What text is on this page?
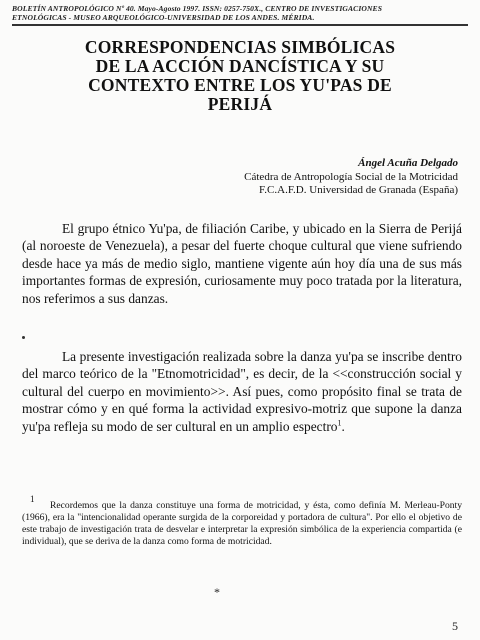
BOLETÍN ANTROPOLÓGICO Nº 40. Mayo-Agosto 1997. ISSN: 0257-750X., CENTRO DE INVESTIGACIONES
ETNOLÓGICAS - MUSEO ARQUEOLÓGICO-UNIVERSIDAD DE LOS ANDES. MÉRIDA.
CORRESPONDENCIAS SIMBÓLICAS
DE LA ACCIÓN DANCÍSTICA Y SU
CONTEXTO ENTRE LOS YU'PAS DE
PERIJÁ
Ángel Acuña Delgado
Cátedra de Antropología Social de la Motricidad
F.C.A.F.D. Universidad de Granada (España)

El grupo étnico Yu'pa, de filiación Caribe, y ubicado en la Sierra de Perijá (al noroeste de Venezuela), a pesar del fuerte choque cultural que viene sufriendo desde hace ya más de medio siglo, mantiene vigente aún hoy día una de sus más importantes formas de expresión, curiosamente muy poco tratada por la literatura, nos referimos a sus danzas.

La presente investigación realizada sobre la danza yu'pa se inscribe dentro del marco teórico de la "Etnomotricidad", es decir, de la <<construcción social y cultural del cuerpo en movimiento>>. Así pues, como propósito final se trata de mostrar cómo y en qué forma la actividad expresivo-motriz que supone la danza yu'pa refleja su modo de ser cultural en un amplio espectro$^1$.

1

Recordemos que la danza constituye una forma de motricidad, y ésta, como definía M. Merleau-Ponty (1966), era la "intencionalidad operante surgida de la corporeidad y portadora de cultura". Por ello el objetivo de este trabajo de investigación trata de desvelar e interpretar la expresión simbólica de la experiencia compartida (e individual), que se deriva de la danza como forma de motricidad.

*
5
